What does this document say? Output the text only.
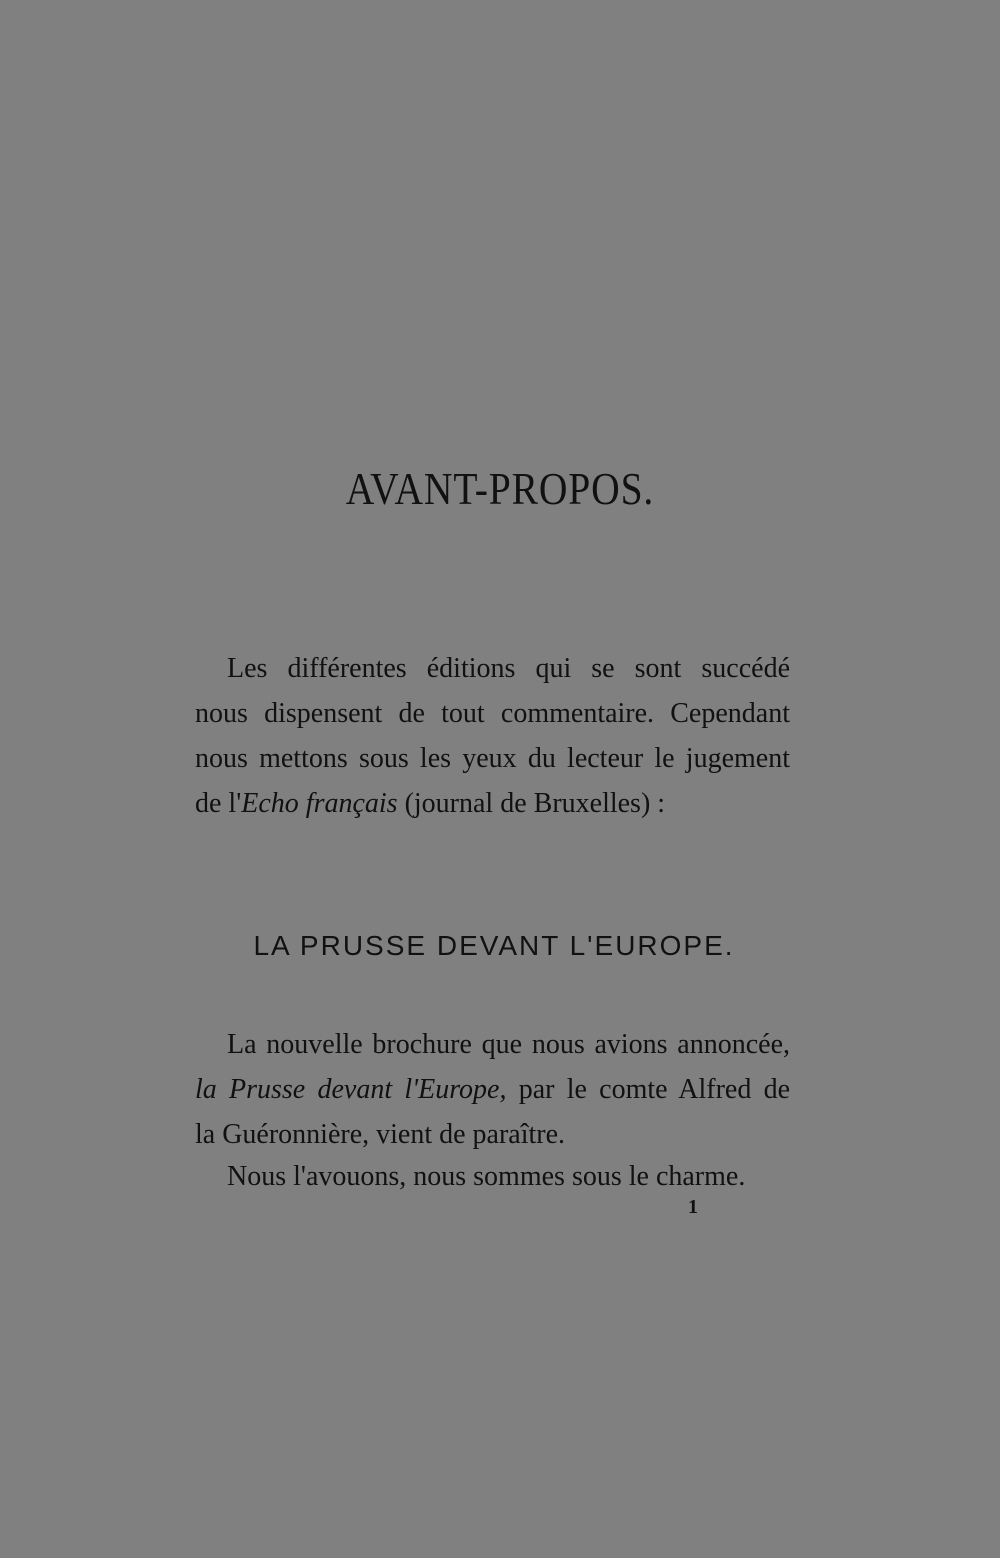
AVANT-PROPOS.

Les différentes éditions qui se sont succédé
nous dispensent de tout commentaire. Cependant
nous mettons sous les yeux du lecteur le jugement
de l'Echo français (journal de Bruxelles) :

LA PRUSSE DEVANT L'EUROPE.

La nouvelle brochure que nous avions annoncée,
la Prusse devant l'Europe, par le comte Alfred de
la Guéronnière, vient de paraître.

Nous l'avouons, nous sommes sous le charme.

1
